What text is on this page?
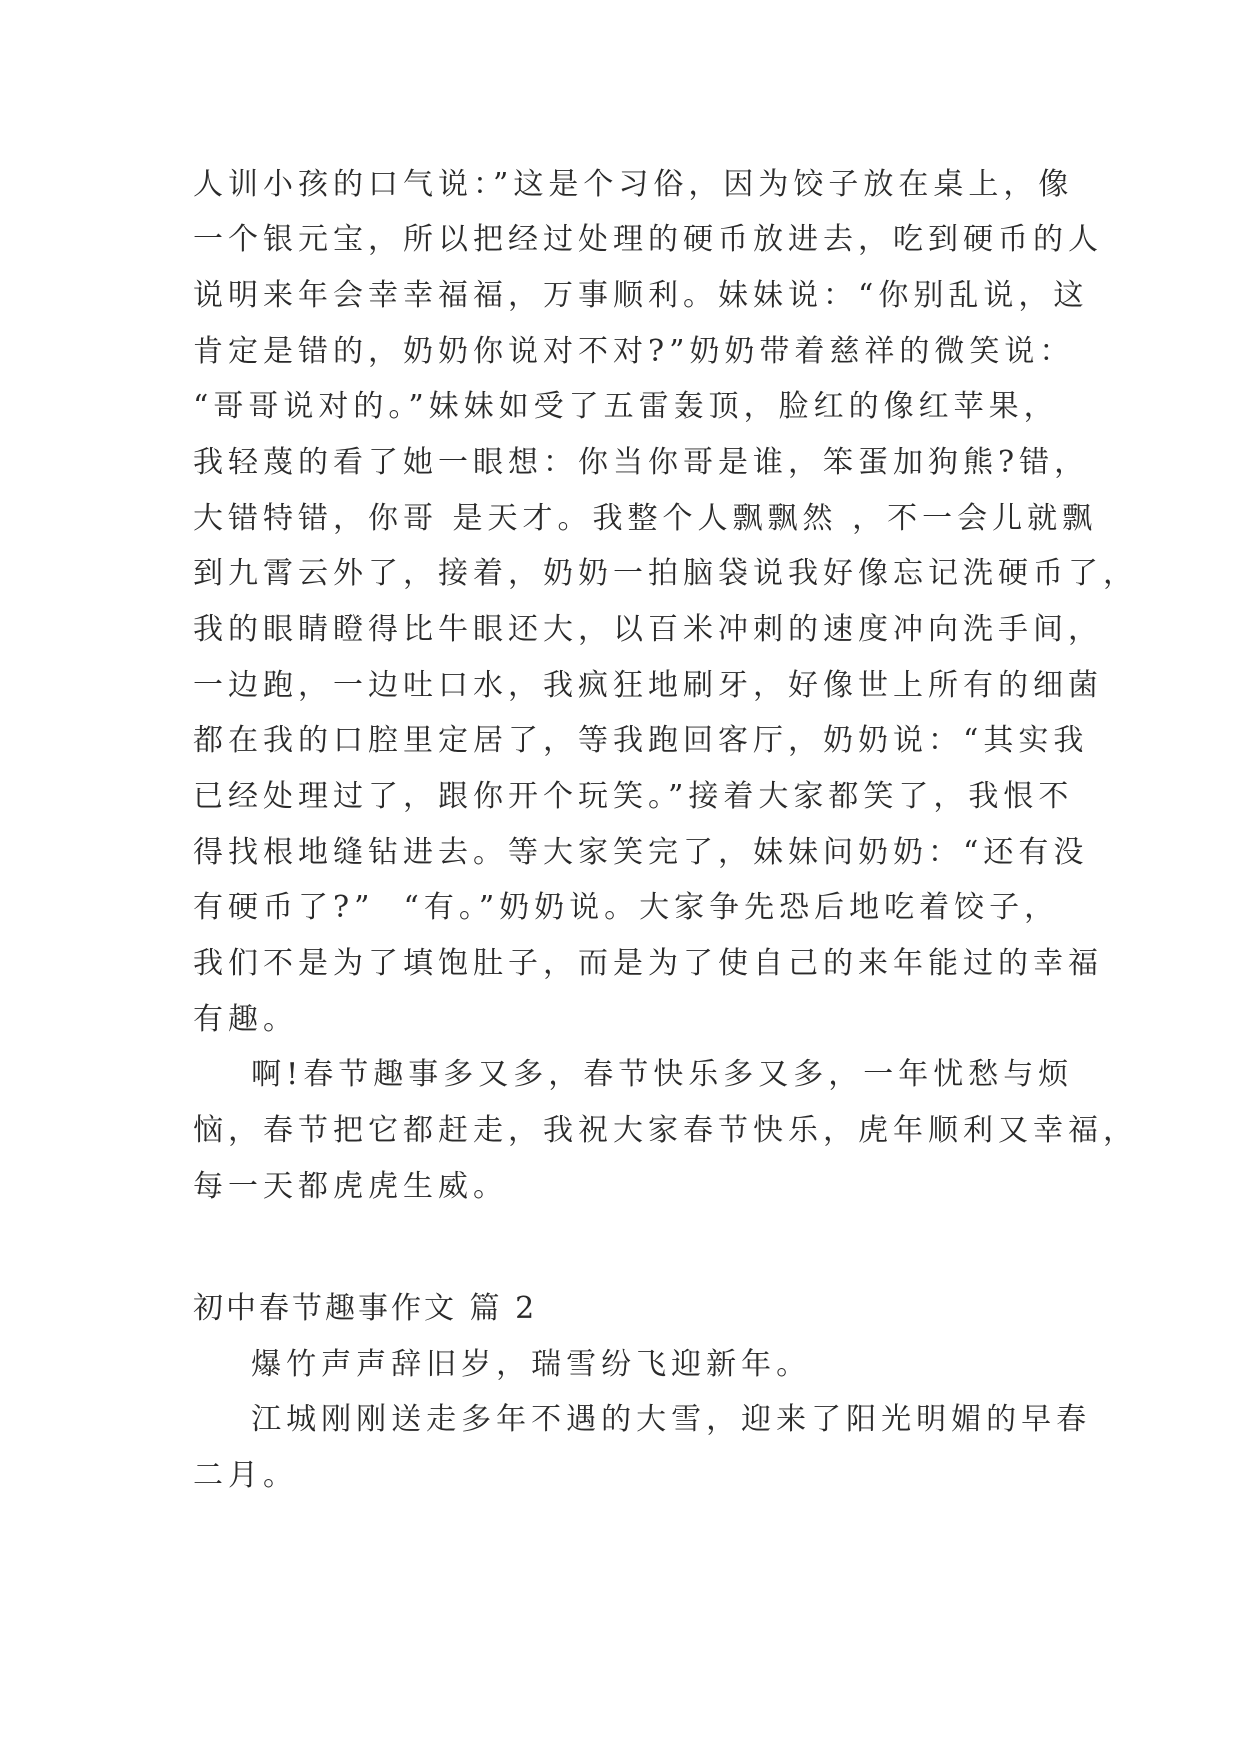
人训小孩的口气说：”这是个习俗，因为饺子放在桌上，像
一个银元宝，所以把经过处理的硬币放进去，吃到硬币的人
说明来年会幸幸福福，万事顺利。妹妹说：“你别乱说，这
肯定是错的，奶奶你说对不对?”奶奶带着慈祥的微笑说：
“哥哥说对的。”妹妹如受了五雷轰顶，脸红的像红苹果，
我轻蔑的看了她一眼想：你当你哥是谁，笨蛋加狗熊?错，
大错特错，你哥 是天才。我整个人飘飘然 ，不一会儿就飘
到九霄云外了，接着，奶奶一拍脑袋说我好像忘记洗硬币了，
我的眼睛瞪得比牛眼还大，以百米冲刺的速度冲向洗手间，
一边跑，一边吐口水，我疯狂地刷牙，好像世上所有的细菌
都在我的口腔里定居了，等我跑回客厅，奶奶说：“其实我
已经处理过了，跟你开个玩笑。”接着大家都笑了，我恨不
得找根地缝钻进去。等大家笑完了，妹妹问奶奶：“还有没
有硬币了?”  “有。”奶奶说。大家争先恐后地吃着饺子，
我们不是为了填饱肚子，而是为了使自己的来年能过的幸福
有趣。
啊!春节趣事多又多，春节快乐多又多，一年忧愁与烦
恼，春节把它都赶走，我祝大家春节快乐，虎年顺利又幸福，
每一天都虎虎生威。
初中春节趣事作文 篇 2
爆竹声声辞旧岁，瑞雪纷飞迎新年。
江城刚刚送走多年不遇的大雪，迎来了阳光明媚的早春
二月。
